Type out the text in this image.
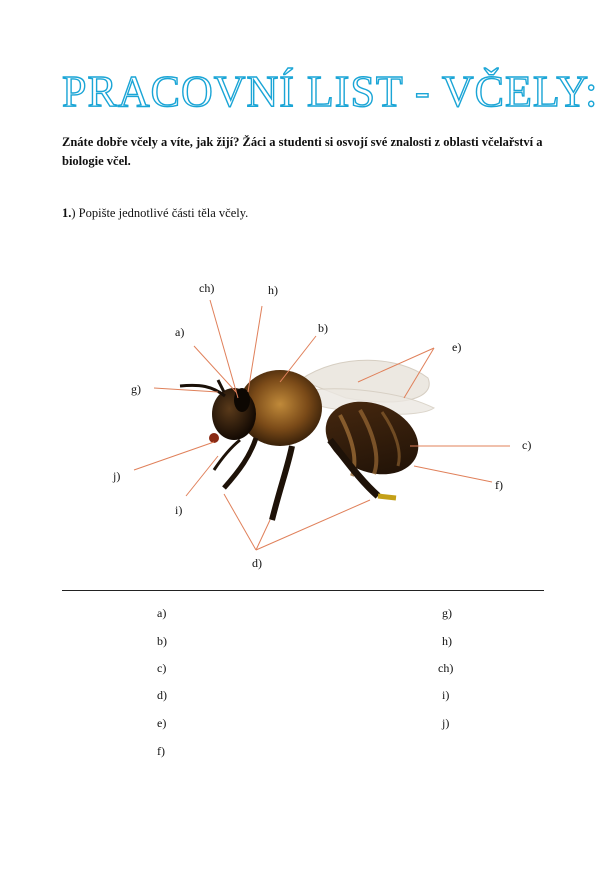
PRACOVNÍ LIST - VČELY:

Znáte dobře včely a víte, jak žijí? Žáci a studenti si osvojí své znalosti z oblasti včelařství a biologie včel.

1.) Popište jednotlivé části těla včely.

ch)	h)
a)	b)
e)
g)
c)
j)
f)
i)
d)
a)
b)
c)
d)
e)
f)
g)
h)
ch)
i)
j)
